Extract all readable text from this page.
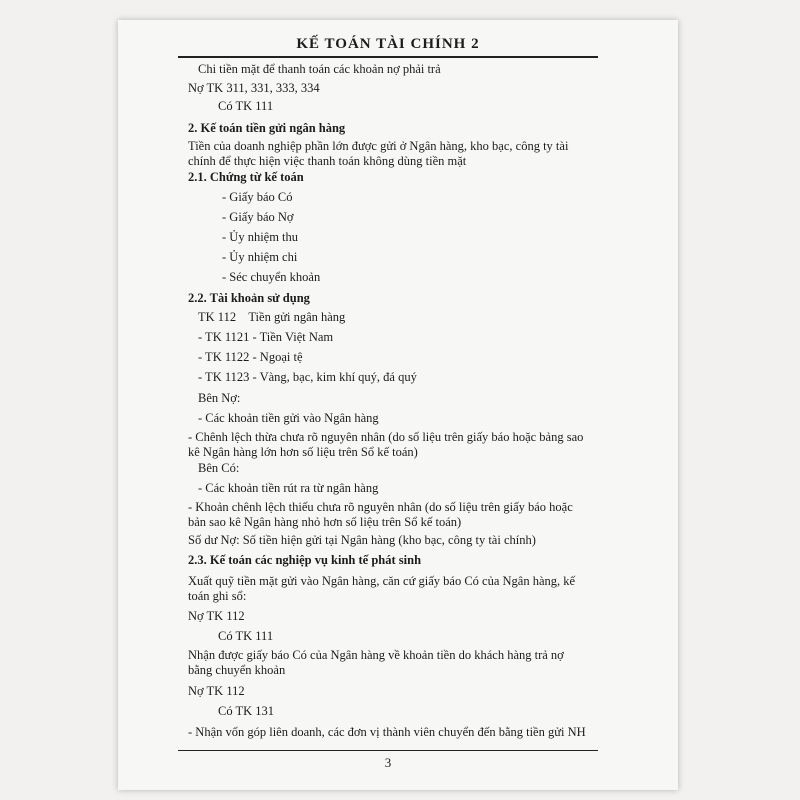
KẾ TOÁN TÀI CHÍNH 2
Chi tiền mặt để thanh toán các khoản nợ phải trả
Nợ TK 311, 331, 333, 334
Có TK 111
2. Kế toán tiền gửi ngân hàng
Tiền của doanh nghiệp phần lớn được gửi ở Ngân hàng, kho bạc, công ty tài chính để thực hiện việc thanh toán không dùng tiền mặt
2.1. Chứng từ kế toán
- Giấy báo Có
- Giấy báo Nợ
- Ủy nhiệm thu
- Ủy nhiệm chi
- Séc chuyển khoản
2.2. Tài khoản sử dụng
TK 112    Tiền gửi ngân hàng
- TK 1121 - Tiền Việt Nam
- TK 1122 - Ngoại tệ
- TK 1123 - Vàng, bạc, kim khí quý, đá quý
Bên Nợ:
- Các khoản tiền gửi vào Ngân hàng
- Chênh lệch thừa chưa rõ nguyên nhân (do số liệu trên giấy báo hoặc bảng sao kê Ngân hàng lớn hơn số liệu trên Sổ kế toán)
Bên Có:
- Các khoản tiền rút ra từ ngân hàng
- Khoản chênh lệch thiếu chưa rõ nguyên nhân (do số liệu trên giấy báo hoặc bản sao kê Ngân hàng nhỏ hơn số liệu trên Sổ kế toán)
Số dư Nợ: Số tiền hiện gửi tại Ngân hàng (kho bạc, công ty tài chính)
2.3. Kế toán các nghiệp vụ kinh tế phát sinh
Xuất quỹ tiền mặt gửi vào Ngân hàng, căn cứ giấy báo Có của Ngân hàng, kế toán ghi sổ:
Nợ TK 112
Có TK 111
Nhận được giấy báo Có của Ngân hàng về khoản tiền do khách hàng trả nợ bằng chuyển khoản
Nợ TK 112
Có TK 131
- Nhận vốn góp liên doanh, các đơn vị thành viên chuyển đến bằng tiền gửi NH
3
